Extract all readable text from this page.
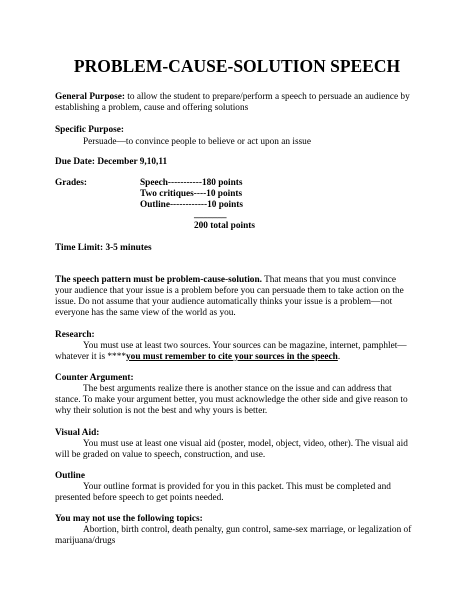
PROBLEM-CAUSE-SOLUTION SPEECH
General Purpose: to allow the student to prepare/perform a speech to persuade an audience by
establishing a problem, cause and offering solutions
Specific Purpose:
Persuade—to convince people to believe or act upon an issue
Due Date: December 9,10,11
Grades:	Speech-----------180 points
Two critiques----10 points
Outline------------10 points
_______
200 total points
Time Limit: 3-5 minutes
The speech pattern must be problem-cause-solution. That means that you must convince
your audience that your issue is a problem before you can persuade them to take action on the
issue. Do not assume that your audience automatically thinks your issue is a problem—not
everyone has the same view of the world as you.
Research:
You must use at least two sources. Your sources can be magazine, internet, pamphlet—
whatever it is ****you must remember to cite your sources in the speech.
Counter Argument:
The best arguments realize there is another stance on the issue and can address that
stance. To make your argument better, you must acknowledge the other side and give reason to
why their solution is not the best and why yours is better.
Visual Aid:
You must use at least one visual aid (poster, model, object, video, other). The visual aid
will be graded on value to speech, construction, and use.
Outline
Your outline format is provided for you in this packet. This must be completed and
presented before speech to get points needed.
You may not use the following topics:
Abortion, birth control, death penalty, gun control, same-sex marriage, or legalization of
marijuana/drugs
